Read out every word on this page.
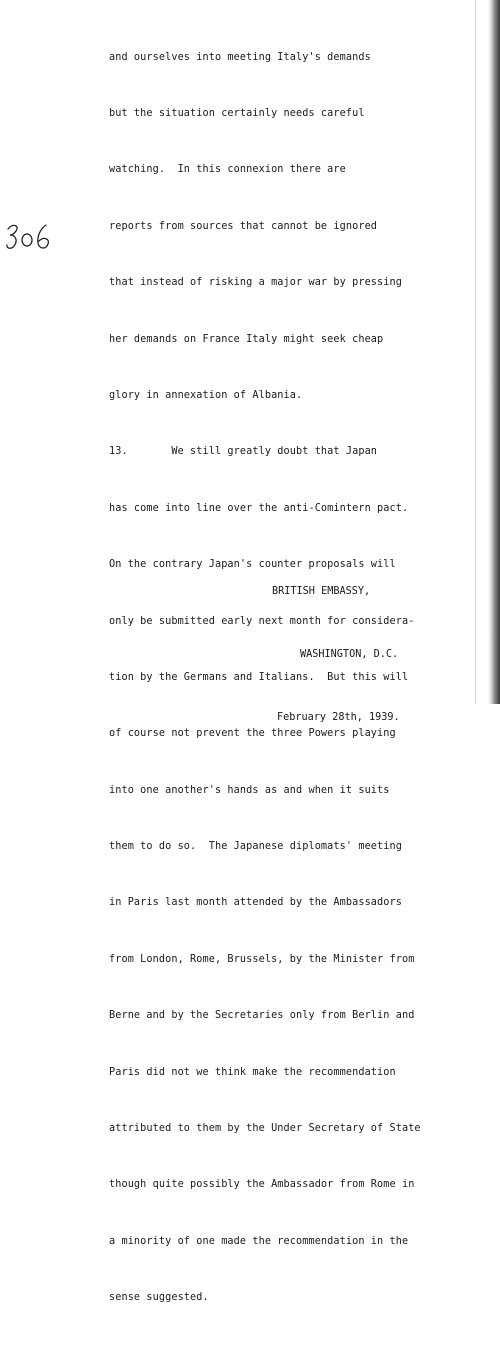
and ourselves into meeting Italy's demands

but the situation certainly needs careful

watching.  In this connexion there are

reports from sources that cannot be ignored

that instead of risking a major war by pressing

her demands on France Italy might seek cheap

glory in annexation of Albania.

13.       We still greatly doubt that Japan

has come into line over the anti-Comintern pact.

On the contrary Japan's counter proposals will

only be submitted early next month for considera-

tion by the Germans and Italians.  But this will

of course not prevent the three Powers playing

into one another's hands as and when it suits

them to do so.  The Japanese diplomats' meeting

in Paris last month attended by the Ambassadors

from London, Rome, Brussels, by the Minister from

Berne and by the Secretaries only from Berlin and

Paris did not we think make the recommendation

attributed to them by the Under Secretary of State

though quite possibly the Ambassador from Rome in

a minority of one made the recommendation in the

sense suggested.

BRITISH EMBASSY,

WASHINGTON, D.C.

February 28th, 1939.
